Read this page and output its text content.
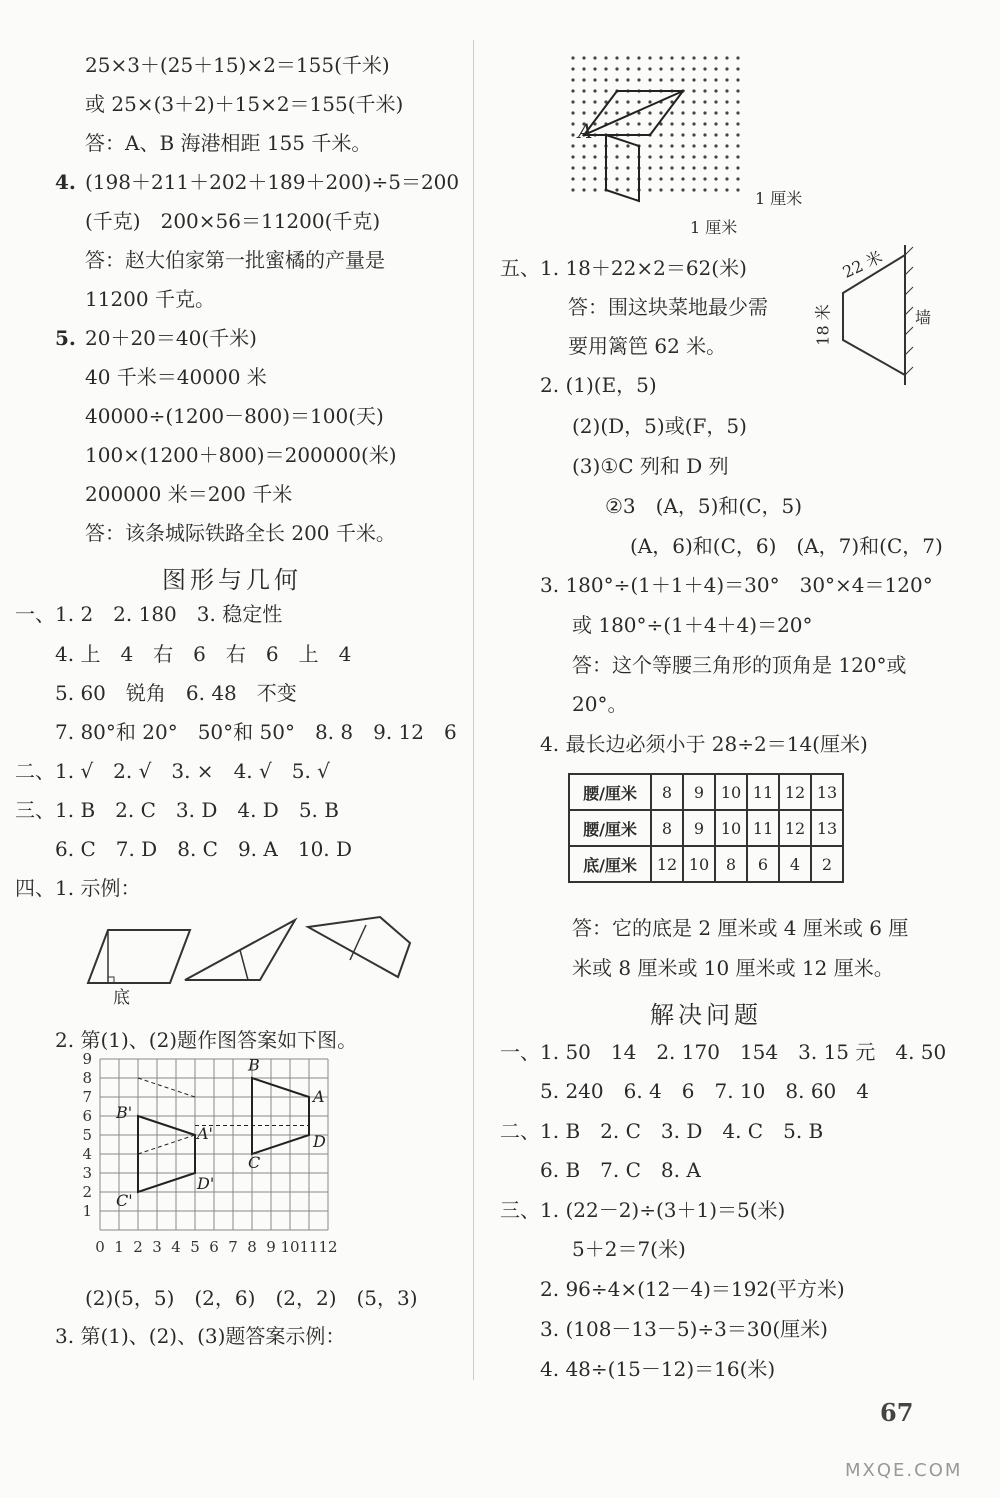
25×3＋(25＋15)×2＝155(千米)
或 25×(3＋2)＋15×2＝155(千米)
答：A、B 海港相距 155 千米。
4. (198＋211＋202＋189＋200)÷5＝200
(千克)　200×56＝11200(千克)
答：赵大伯家第一批蜜橘的产量是
11200 千克。
5. 20＋20＝40(千米)
40 千米＝40000 米
40000÷(1200－800)＝100(天)
100×(1200＋800)＝200000(米)
200000 米＝200 千米
答：该条城际铁路全长 200 千米。
图形与几何
一、1. 2　2. 180　3. 稳定性
4. 上　4　右　6　右　6　上　4
5. 60　锐角　6. 48　不变
7. 80°和 20°　50°和 50°　8. 8　9. 12　6
二、1. √　2. √　3. ×　4. √　5. √
三、1. B　2. C　3. D　4. D　5. B
6. C　7. D　8. C　9. A　10. D
四、1. 示例：
底
2. 第(1)、(2)题作图答案如下图。
0 1 2 3 4 5 6 7 8 9 10 11 12
1
2
3
4
5
6
7
8
9	B
A
D
C
B'
A'
C'
D'
(2)(5，5)　(2，6)　(2，2)　(5，3)
3. 第(1)、(2)、(3)题答案示例：
A
1 厘米
1 厘米
五、1. 18＋22×2＝62(米)
答：围这块菜地最少需
要用篱笆 62 米。
22 米
18 米	墙
2. (1)(E，5)
(2)(D，5)或(F，5)
(3)①C 列和 D 列
②3　(A，5)和(C，5)
(A，6)和(C，6)　(A，7)和(C，7)
3. 180°÷(1＋1＋4)＝30°　30°×4＝120°
或 180°÷(1＋4＋4)＝20°
答：这个等腰三角形的顶角是 120°或
20°。
4. 最长边必须小于 28÷2＝14(厘米)
腰/厘米	8	9	10	11	12	13
腰/厘米	8	9	10	11	12	13
底/厘米	12	10	8	6	4	2
答：它的底是 2 厘米或 4 厘米或 6 厘
米或 8 厘米或 10 厘米或 12 厘米。
解决问题
一、1. 50　14　2. 170　154　3. 15 元　4. 50
5. 240　6. 4　6　7. 10　8. 60　4
二、1. B　2. C　3. D　4. C　5. B
6. B　7. C　8. A
三、1. (22－2)÷(3＋1)＝5(米)
5＋2＝7(米)
2. 96÷4×(12－4)＝192(平方米)
3. (108－13－5)÷3＝30(厘米)
4. 48÷(15－12)＝16(米)
67
MXQE.COM
